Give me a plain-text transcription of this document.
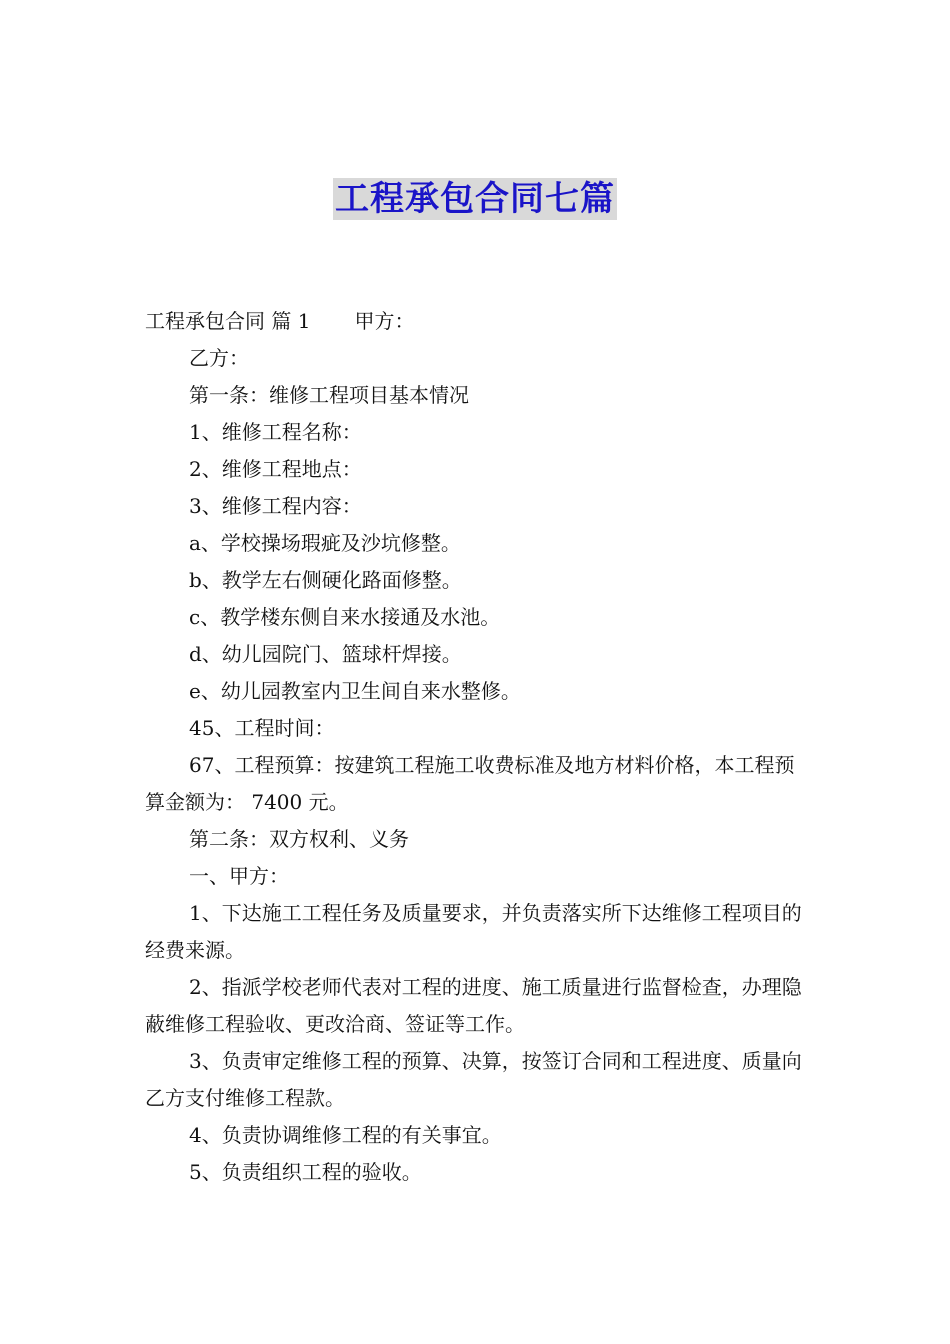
工程承包合同七篇

工程承包合同 篇 1 甲方：

乙方：

第一条：维修工程项目基本情况

1、维修工程名称：

2、维修工程地点：

3、维修工程内容：

a、学校操场瑕疵及沙坑修整。

b、教学左右侧硬化路面修整。

c、教学楼东侧自来水接通及水池。

d、幼儿园院门、篮球杆焊接。

e、幼儿园教室内卫生间自来水整修。

45、工程时间：

67、工程预算：按建筑工程施工收费标准及地方材料价格，本工程预算金额为： 7400 元。

第二条：双方权利、义务

一、甲方：

1、下达施工工程任务及质量要求，并负责落实所下达维修工程项目的经费来源。

2、指派学校老师代表对工程的进度、施工质量进行监督检查，办理隐蔽维修工程验收、更改洽商、签证等工作。

3、负责审定维修工程的预算、决算，按签订合同和工程进度、质量向乙方支付维修工程款。

4、负责协调维修工程的有关事宜。

5、负责组织工程的验收。
